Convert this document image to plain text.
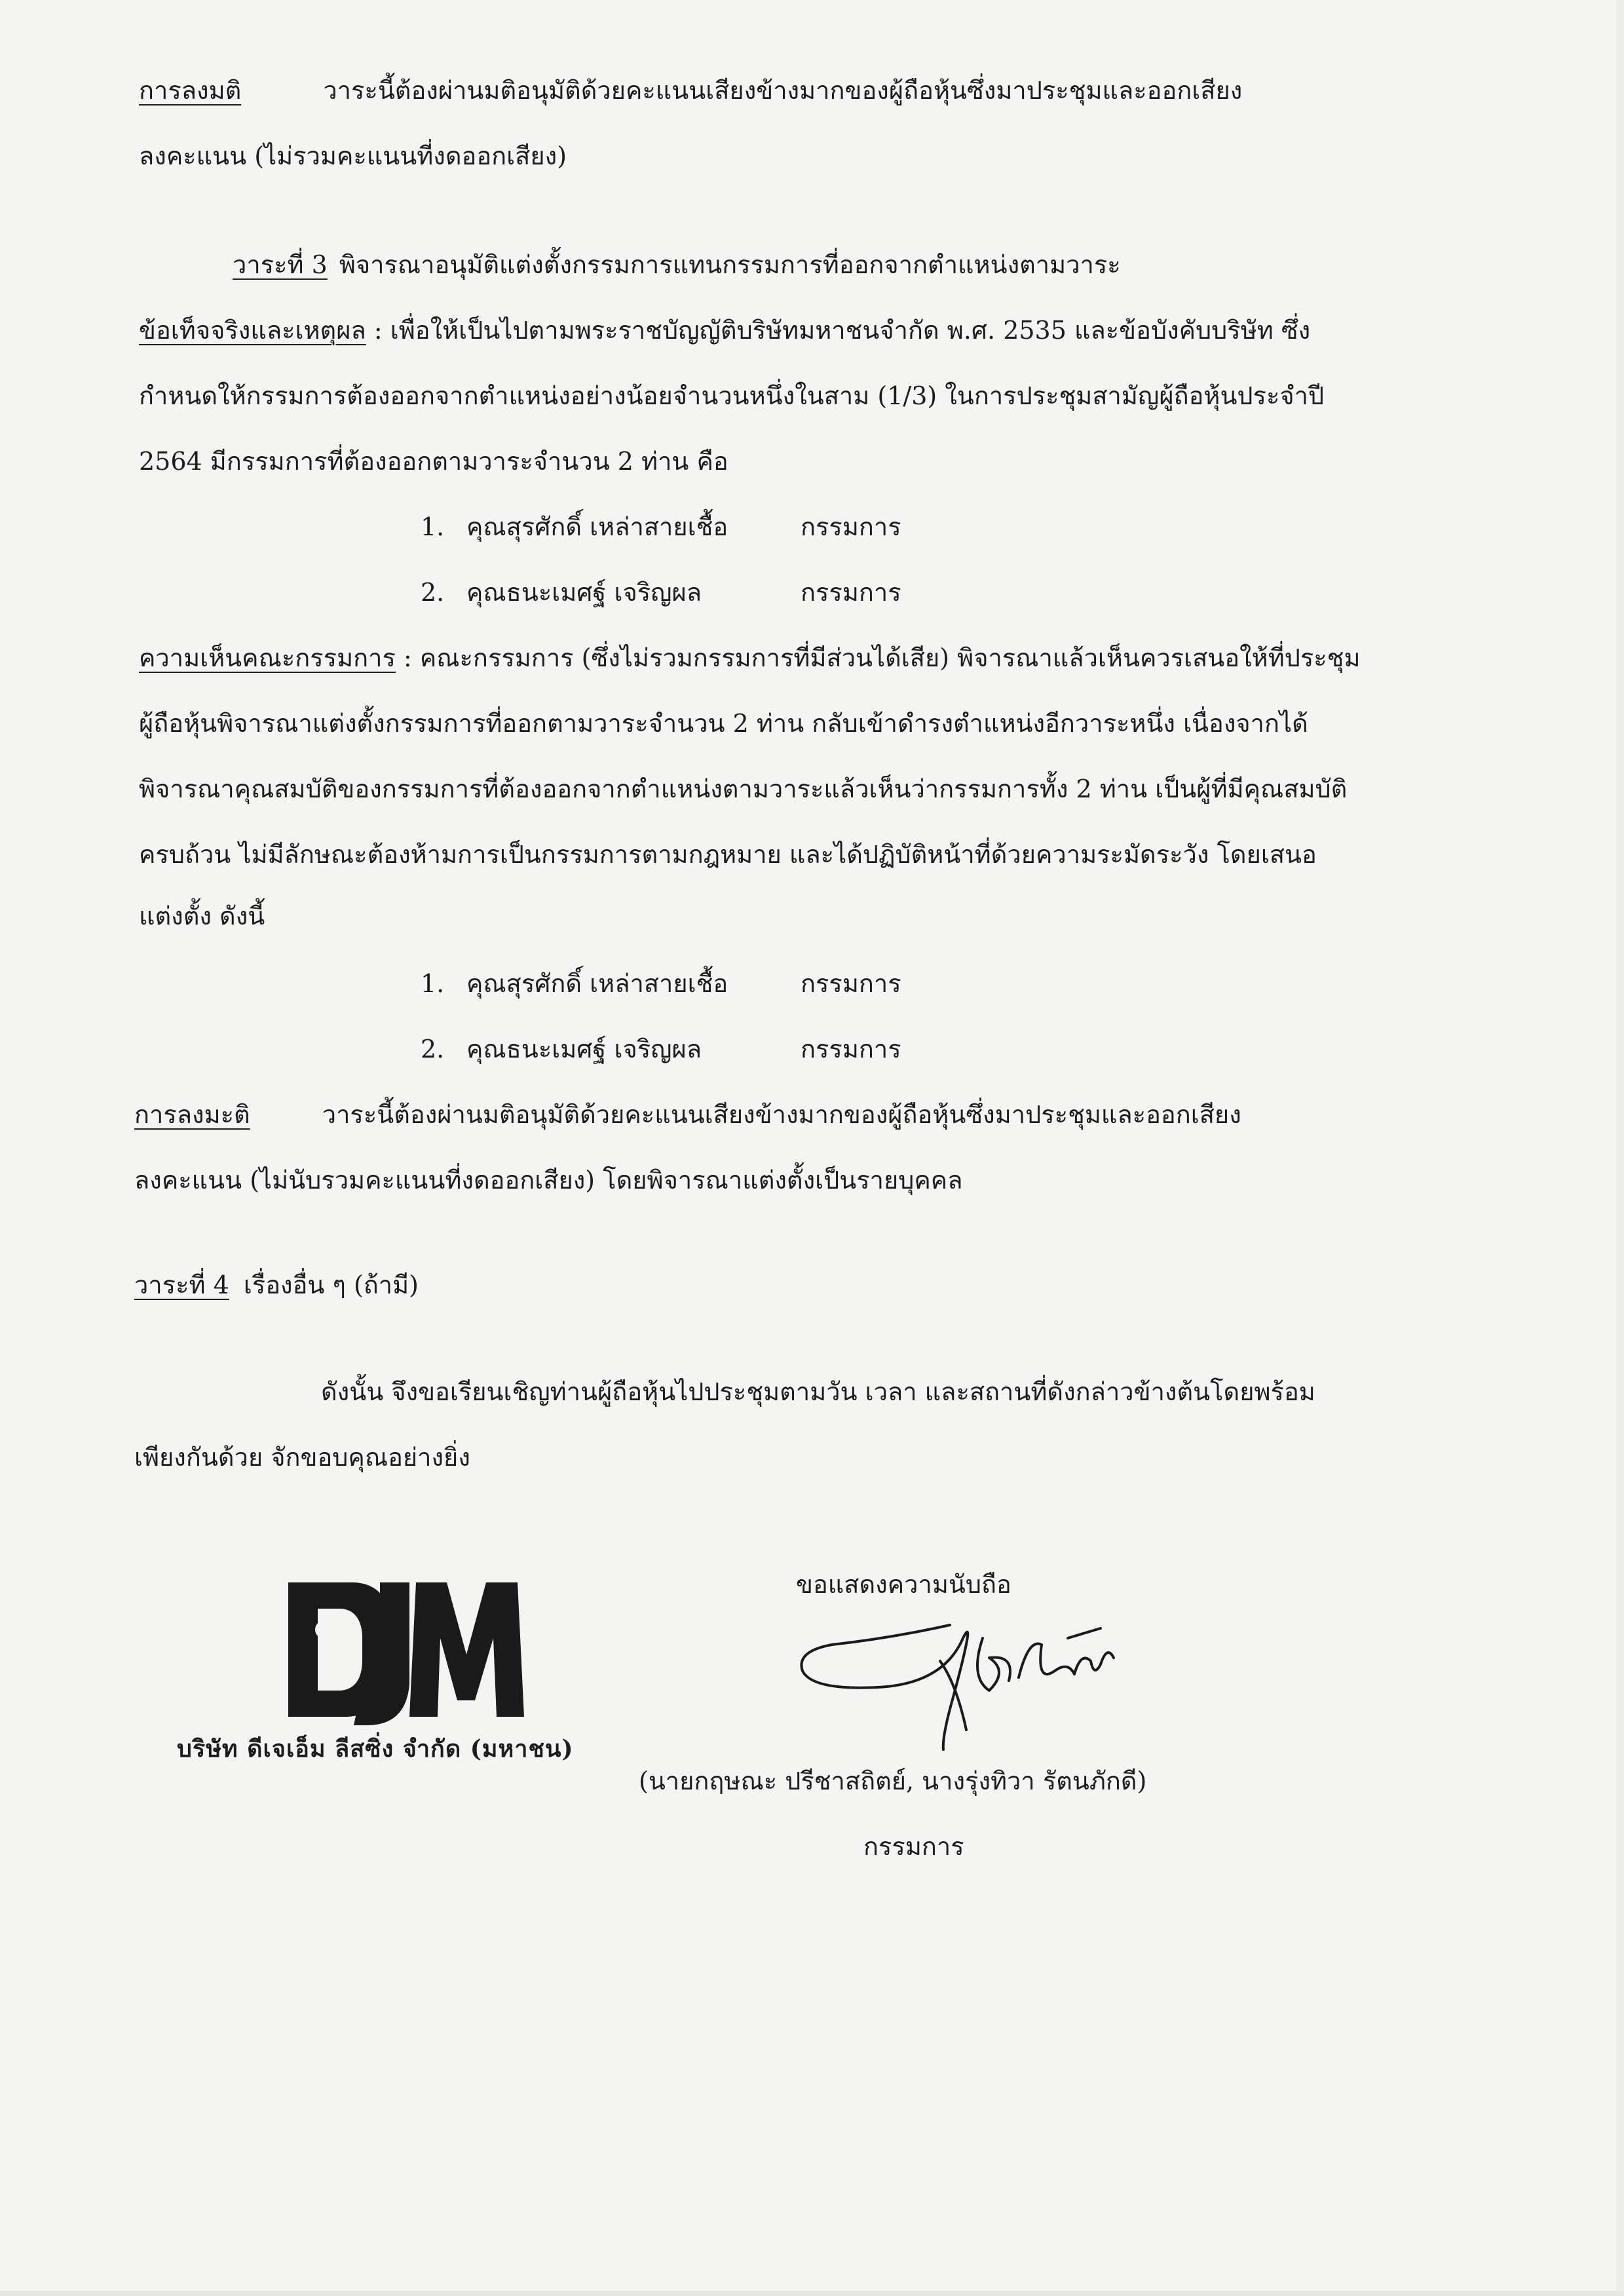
การลงมติ	วาระนี้ต้องผ่านมติอนุมัติด้วยคะแนนเสียงข้างมากของผู้ถือหุ้นซึ่งมาประชุมและออกเสียง
ลงคะแนน (ไม่รวมคะแนนที่งดออกเสียง)
วาระที่ 3 พิจารณาอนุมัติแต่งตั้งกรรมการแทนกรรมการที่ออกจากตำแหน่งตามวาระ
ข้อเท็จจริงและเหตุผล : เพื่อให้เป็นไปตามพระราชบัญญัติบริษัทมหาชนจำกัด พ.ศ. 2535 และข้อบังคับบริษัท ซึ่ง
กำหนดให้กรรมการต้องออกจากตำแหน่งอย่างน้อยจำนวนหนึ่งในสาม (1/3) ในการประชุมสามัญผู้ถือหุ้นประจำปี
2564 มีกรรมการที่ต้องออกตามวาระจำนวน 2 ท่าน คือ
1. คุณสุรศักดิ์ เหล่าสายเชื้อ	กรรมการ
2. คุณธนะเมศฐ์ เจริญผล	กรรมการ
ความเห็นคณะกรรมการ : คณะกรรมการ (ซึ่งไม่รวมกรรมการที่มีส่วนได้เสีย) พิจารณาแล้วเห็นควรเสนอให้ที่ประชุม
ผู้ถือหุ้นพิจารณาแต่งตั้งกรรมการที่ออกตามวาระจำนวน 2 ท่าน กลับเข้าดำรงตำแหน่งอีกวาระหนึ่ง เนื่องจากได้
พิจารณาคุณสมบัติของกรรมการที่ต้องออกจากตำแหน่งตามวาระแล้วเห็นว่ากรรมการทั้ง 2 ท่าน เป็นผู้ที่มีคุณสมบัติ
ครบถ้วน ไม่มีลักษณะต้องห้ามการเป็นกรรมการตามกฎหมาย และได้ปฏิบัติหน้าที่ด้วยความระมัดระวัง โดยเสนอ
แต่งตั้ง ดังนี้
1. คุณสุรศักดิ์ เหล่าสายเชื้อ	กรรมการ
2. คุณธนะเมศฐ์ เจริญผล	กรรมการ
การลงมะติ	วาระนี้ต้องผ่านมติอนุมัติด้วยคะแนนเสียงข้างมากของผู้ถือหุ้นซึ่งมาประชุมและออกเสียง
ลงคะแนน (ไม่นับรวมคะแนนที่งดออกเสียง) โดยพิจารณาแต่งตั้งเป็นรายบุคคล
วาระที่ 4 เรื่องอื่น ๆ (ถ้ามี)
ดังนั้น จึงขอเรียนเชิญท่านผู้ถือหุ้นไปประชุมตามวัน เวลา และสถานที่ดังกล่าวข้างต้นโดยพร้อม
เพียงกันด้วย จักขอบคุณอย่างยิ่ง
บริษัท ดีเจเอ็ม ลีสซิ่ง จำกัด (มหาชน)
ขอแสดงความนับถือ
(นายกฤษณะ ปรีชาสถิตย์, นางรุ่งทิวา รัตนภักดี)
กรรมการ
